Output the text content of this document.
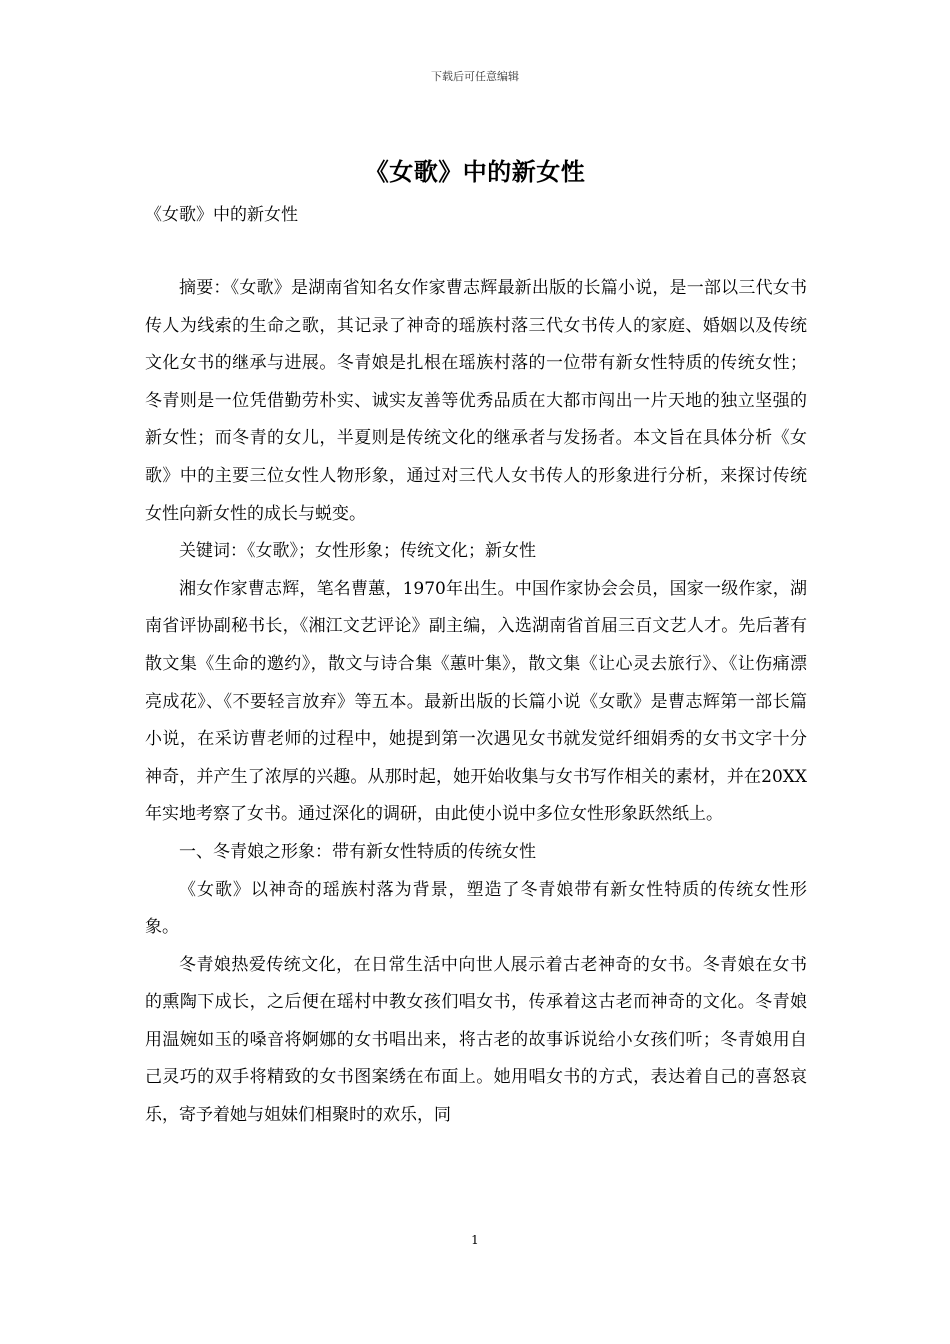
下载后可任意编辑
《女歌》中的新女性
《女歌》中的新女性

摘要：《女歌》是湖南省知名女作家曹志辉最新出版的长篇小说，是一部以三代女书传人为线索的生命之歌，其记录了神奇的瑶族村落三代女书传人的家庭、婚姻以及传统文化女书的继承与进展。冬青娘是扎根在瑶族村落的一位带有新女性特质的传统女性；冬青则是一位凭借勤劳朴实、诚实友善等优秀品质在大都市闯出一片天地的独立坚强的新女性；而冬青的女儿，半夏则是传统文化的继承者与发扬者。本文旨在具体分析《女歌》中的主要三位女性人物形象，通过对三代人女书传人的形象进行分析，来探讨传统女性向新女性的成长与蜕变。

关键词：《女歌》；女性形象；传统文化；新女性

湘女作家曹志辉，笔名曹蕙，1970年出生。中国作家协会会员，国家一级作家，湖南省评协副秘书长，《湘江文艺评论》副主编，入选湖南省首届三百文艺人才。先后著有散文集《生命的邀约》，散文与诗合集《蕙叶集》，散文集《让心灵去旅行》、《让伤痛漂亮成花》、《不要轻言放弃》等五本。最新出版的长篇小说《女歌》是曹志辉第一部长篇小说，在采访曹老师的过程中，她提到第一次遇见女书就发觉纤细娟秀的女书文字十分神奇，并产生了浓厚的兴趣。从那时起，她开始收集与女书写作相关的素材，并在20XX年实地考察了女书。通过深化的调研，由此使小说中多位女性形象跃然纸上。

一、冬青娘之形象：带有新女性特质的传统女性

《女歌》以神奇的瑶族村落为背景，塑造了冬青娘带有新女性特质的传统女性形象。

冬青娘热爱传统文化，在日常生活中向世人展示着古老神奇的女书。冬青娘在女书的熏陶下成长，之后便在瑶村中教女孩们唱女书，传承着这古老而神奇的文化。冬青娘用温婉如玉的嗓音将婀娜的女书唱出来，将古老的故事诉说给小女孩们听；冬青娘用自己灵巧的双手将精致的女书图案绣在布面上。她用唱女书的方式，表达着自己的喜怒哀乐，寄予着她与姐妹们相聚时的欢乐，同

1
